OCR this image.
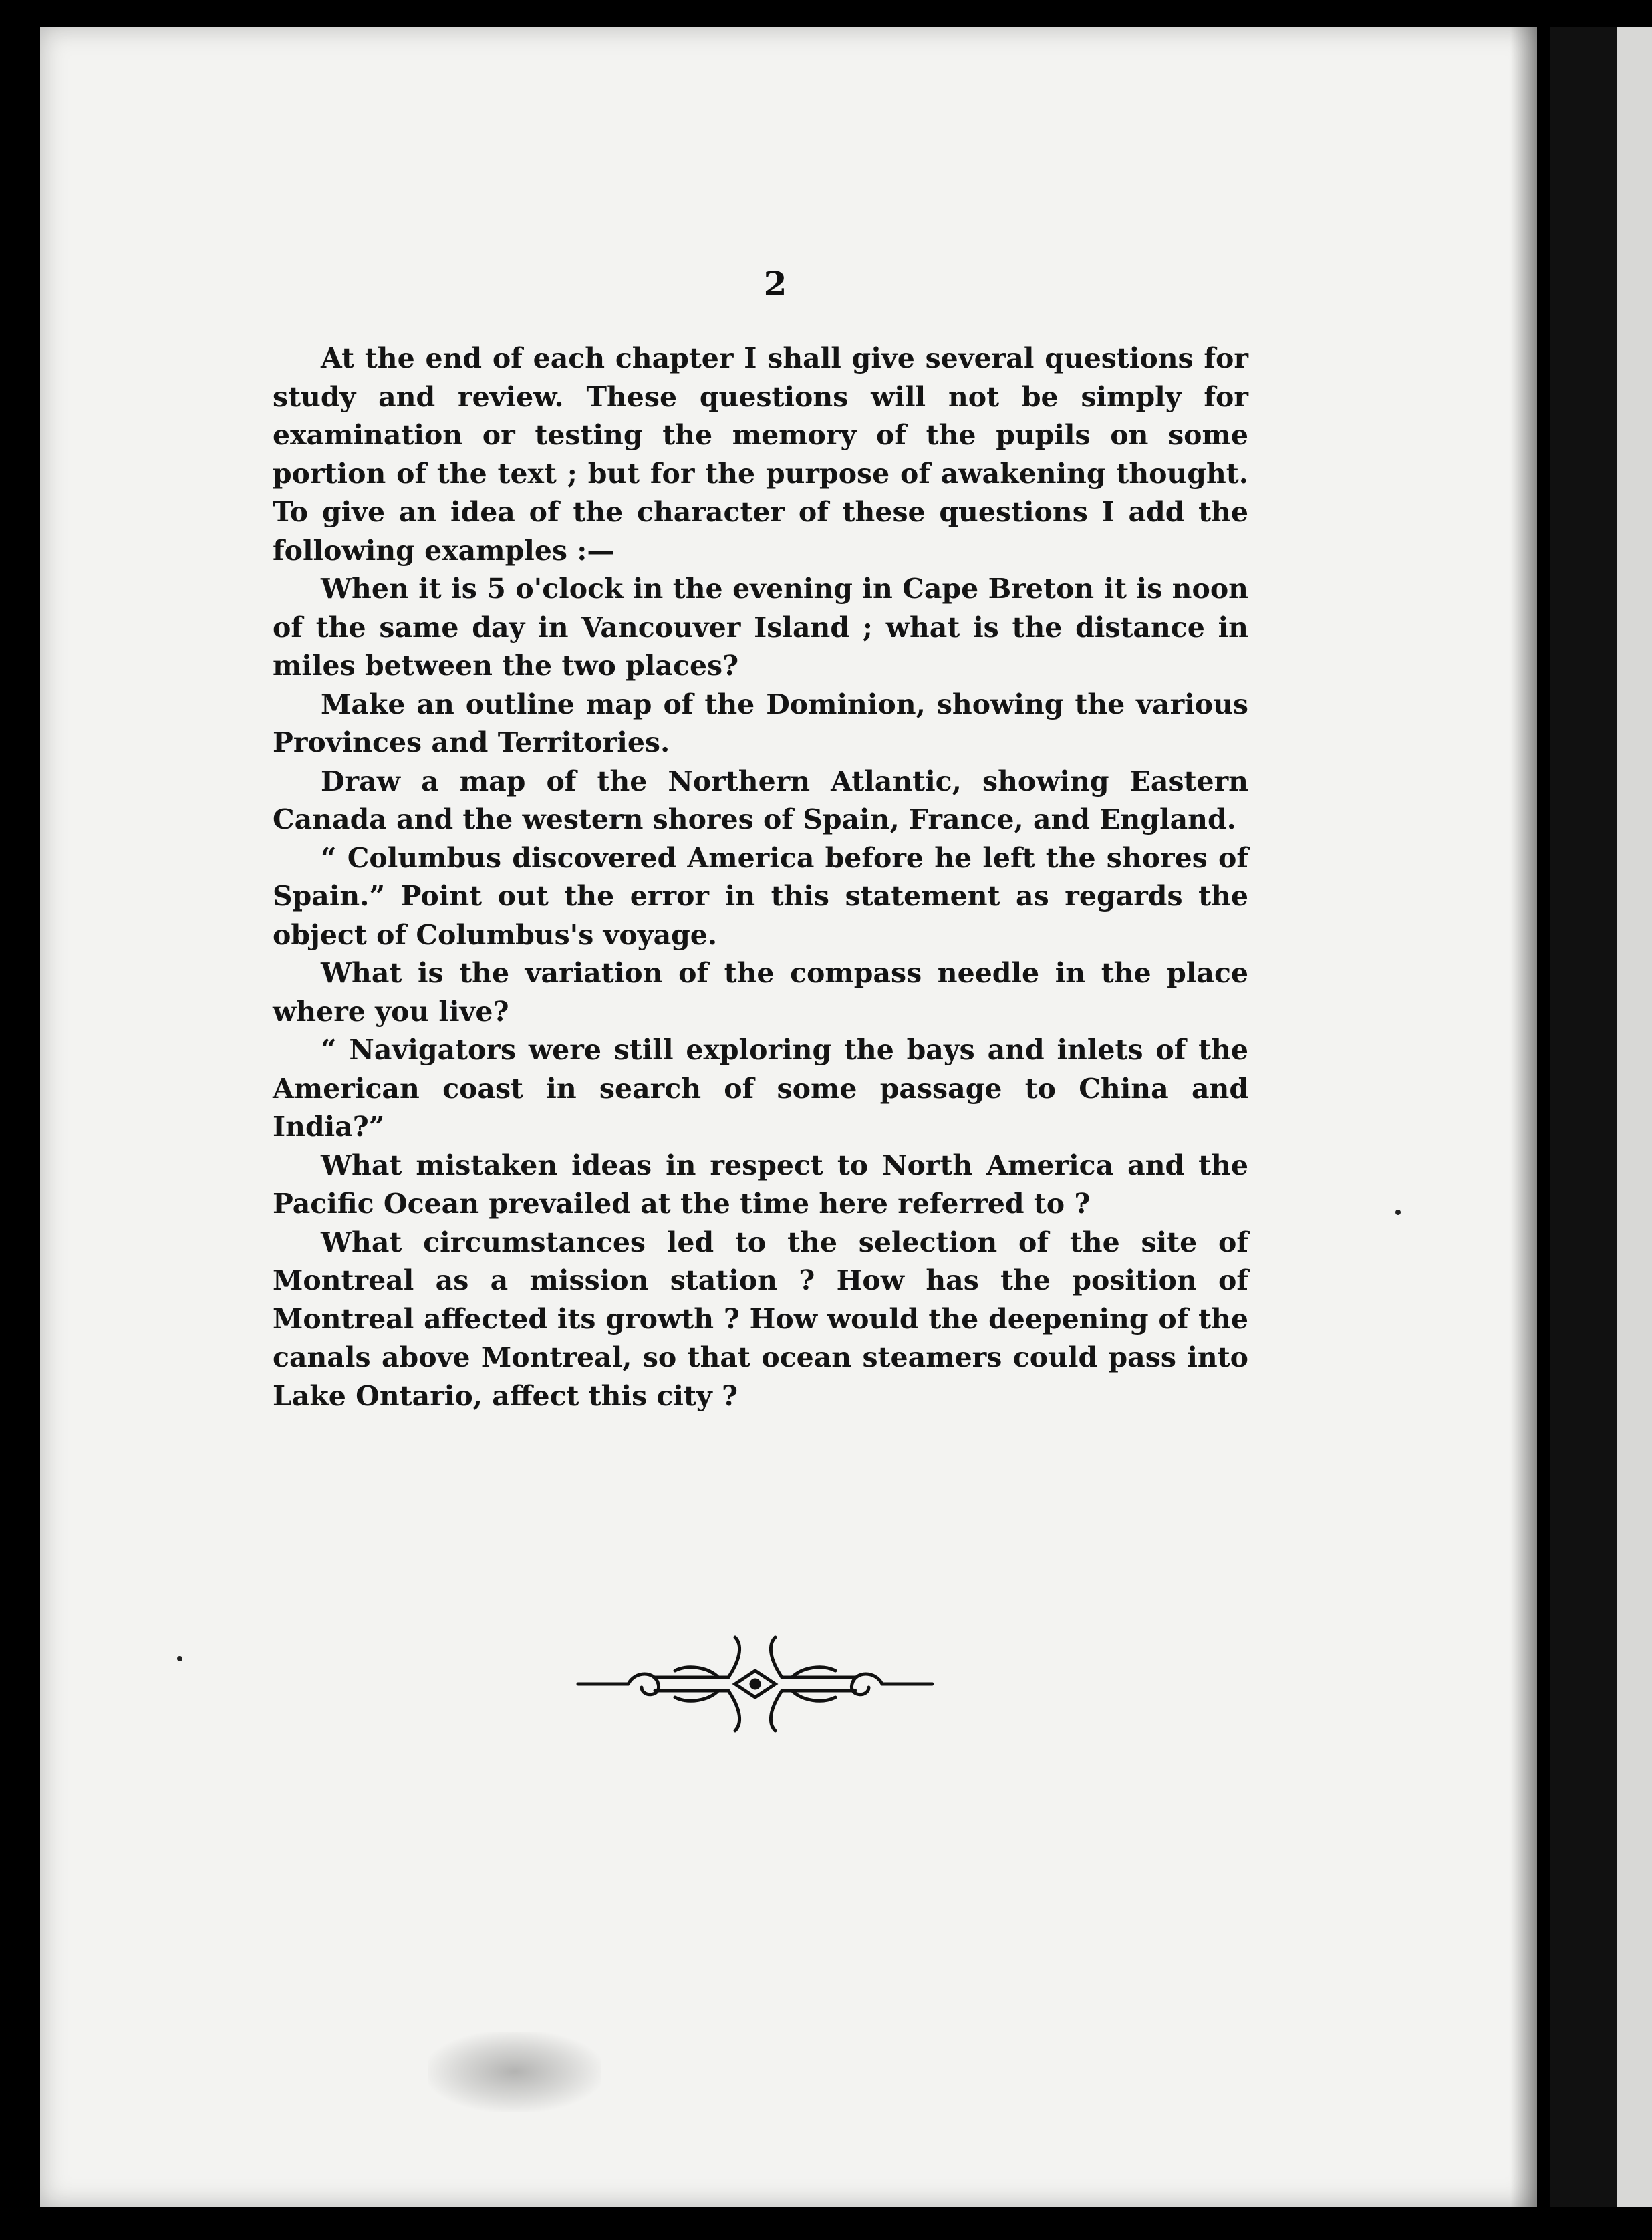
2

At the end of each chapter I shall give several questions for study and review. These questions will not be simply for examination or testing the memory of the pupils on some portion of the text ; but for the purpose of awakening thought. To give an idea of the character of these questions I add the following examples :—

When it is 5 o'clock in the evening in Cape Breton it is noon of the same day in Vancouver Island ; what is the distance in miles between the two places?

Make an outline map of the Dominion, showing the various Provinces and Territories.

Draw a map of the Northern Atlantic, showing Eastern Canada and the western shores of Spain, France, and England.

“ Columbus discovered America before he left the shores of Spain.” Point out the error in this statement as regards the object of Columbus's voyage.

What is the variation of the compass needle in the place where you live?

“ Navigators were still exploring the bays and inlets of the American coast in search of some passage to China and India?”

What mistaken ideas in respect to North America and the Pacific Ocean prevailed at the time here referred to ?

What circumstances led to the selection of the site of Montreal as a mission station ? How has the position of Montreal affected its growth ? How would the deepening of the canals above Montreal, so that ocean steamers could pass into Lake Ontario, affect this city ?
